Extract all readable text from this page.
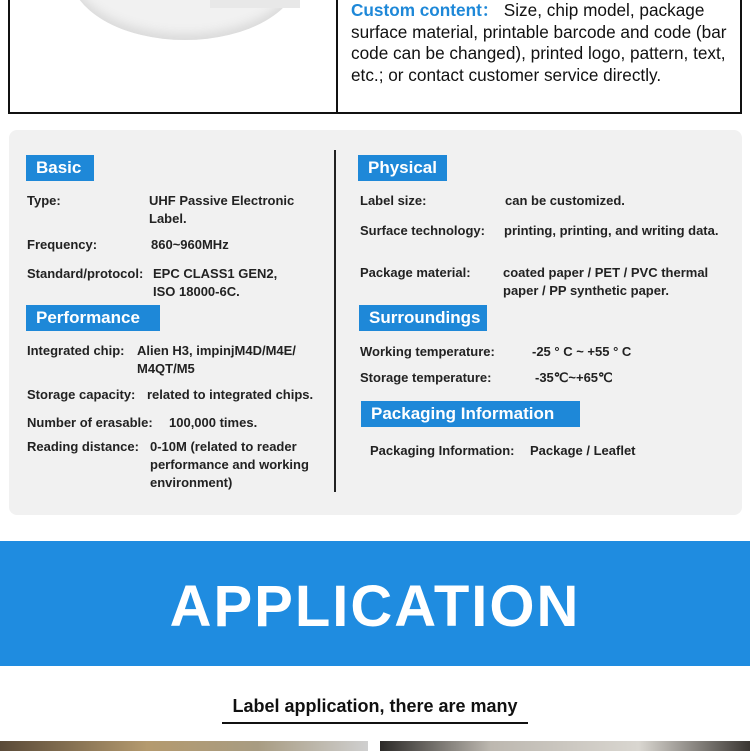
Custom content： Size, chip model, package surface material, printable barcode and code (bar code can be changed), printed logo, pattern, text, etc.; or contact customer service directly.
Basic
Type:	UHF Passive Electronic Label.
Frequency:	860~960MHz
Standard/protocol: EPC CLASS1 GEN2, ISO 18000-6C.
Performance
Integrated chip: Alien H3, impinjM4D/M4E/ M4QT/M5
Storage capacity: related to integrated chips.
Number of erasable: 100,000 times.
Reading distance: 0-10M (related to reader performance and working environment)
Physical
Label size:	can be customized.
Surface technology: printing, printing, and writing data.
Package material: coated paper / PET / PVC thermal paper / PP synthetic paper.
Surroundings
Working temperature:	-25 ° C ~ +55 ° C
Storage temperature:	-35℃~+65℃
Packaging Information
Packaging Information: Package / Leaflet
APPLICATION
Label application, there are many
